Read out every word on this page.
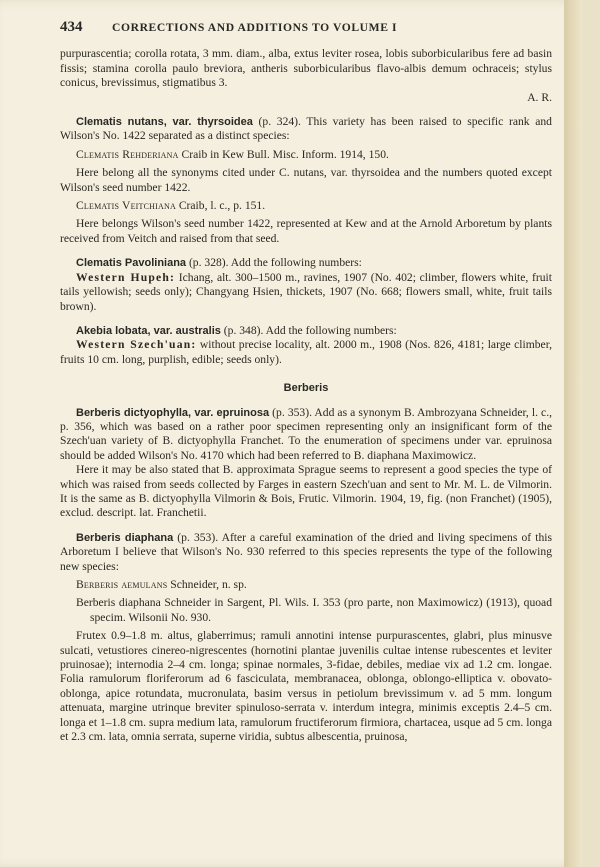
434	CORRECTIONS AND ADDITIONS TO VOLUME I

purpurascentia; corolla rotata, 3 mm. diam., alba, extus leviter rosea, lobis suborbicularibus fere ad basin fissis; stamina corolla paulo breviora, antheris suborbicularibus flavo-albis demum ochraceis; stylus conicus, brevissimus, stigmatibus 3.

A. R.

Clematis nutans, var. thyrsoidea (p. 324). This variety has been raised to specific rank and Wilson's No. 1422 separated as a distinct species:

Clematis Rehderiana Craib in Kew Bull. Misc. Inform. 1914, 150.

Here belong all the synonyms cited under C. nutans, var. thyrsoidea and the numbers quoted except Wilson's seed number 1422.

Clematis Veitchiana Craib, l. c., p. 151.

Here belongs Wilson's seed number 1422, represented at Kew and at the Arnold Arboretum by plants received from Veitch and raised from that seed.

Clematis Pavoliniana (p. 328). Add the following numbers:

Western Hupeh: Ichang, alt. 300–1500 m., ravines, 1907 (No. 402; climber, flowers white, fruit tails yellowish; seeds only); Changyang Hsien, thickets, 1907 (No. 668; flowers small, white, fruit tails brown).

Akebia lobata, var. australis (p. 348). Add the following numbers:

Western Szech'uan: without precise locality, alt. 2000 m., 1908 (Nos. 826, 4181; large climber, fruits 10 cm. long, purplish, edible; seeds only).

Berberis

Berberis dictyophylla, var. epruinosa (p. 353). Add as a synonym B. Ambrozyana Schneider, l. c., p. 356, which was based on a rather poor specimen representing only an insignificant form of the Szech'uan variety of B. dictyophylla Franchet. To the enumeration of specimens under var. epruinosa should be added Wilson's No. 4170 which had been referred to B. diaphana Maximowicz.

Here it may be also stated that B. approximata Sprague seems to represent a good species the type of which was raised from seeds collected by Farges in eastern Szech'uan and sent to Mr. M. L. de Vilmorin. It is the same as B. dictyophylla Vilmorin & Bois, Frutic. Vilmorin. 1904, 19, fig. (non Franchet) (1905), exclud. descript. lat. Franchetii.

Berberis diaphana (p. 353). After a careful examination of the dried and living specimens of this Arboretum I believe that Wilson's No. 930 referred to this species represents the type of the following new species:

Berberis aemulans Schneider, n. sp.

Berberis diaphana Schneider in Sargent, Pl. Wils. I. 353 (pro parte, non Maximowicz) (1913), quoad specim. Wilsonii No. 930.

Frutex 0.9–1.8 m. altus, glaberrimus; ramuli annotini intense purpurascentes, glabri, plus minusve sulcati, vetustiores cinereo-nigrescentes (hornotini plantae juvenilis cultae intense rubescentes et leviter pruinosae); internodia 2–4 cm. longa; spinae normales, 3-fidae, debiles, mediae vix ad 1.2 cm. longae. Folia ramulorum floriferorum ad 6 fasciculata, membranacea, oblonga, oblongo-elliptica v. obovato-oblonga, apice rotundata, mucronulata, basim versus in petiolum brevissimum v. ad 5 mm. longum attenuata, margine utrinque breviter spinuloso-serrata v. interdum integra, minimis exceptis 2.4–5 cm. longa et 1–1.8 cm. supra medium lata, ramulorum fructiferorum firmiora, chartacea, usque ad 5 cm. longa et 2.3 cm. lata, omnia serrata, superne viridia, subtus albescentia, pruinosa,
